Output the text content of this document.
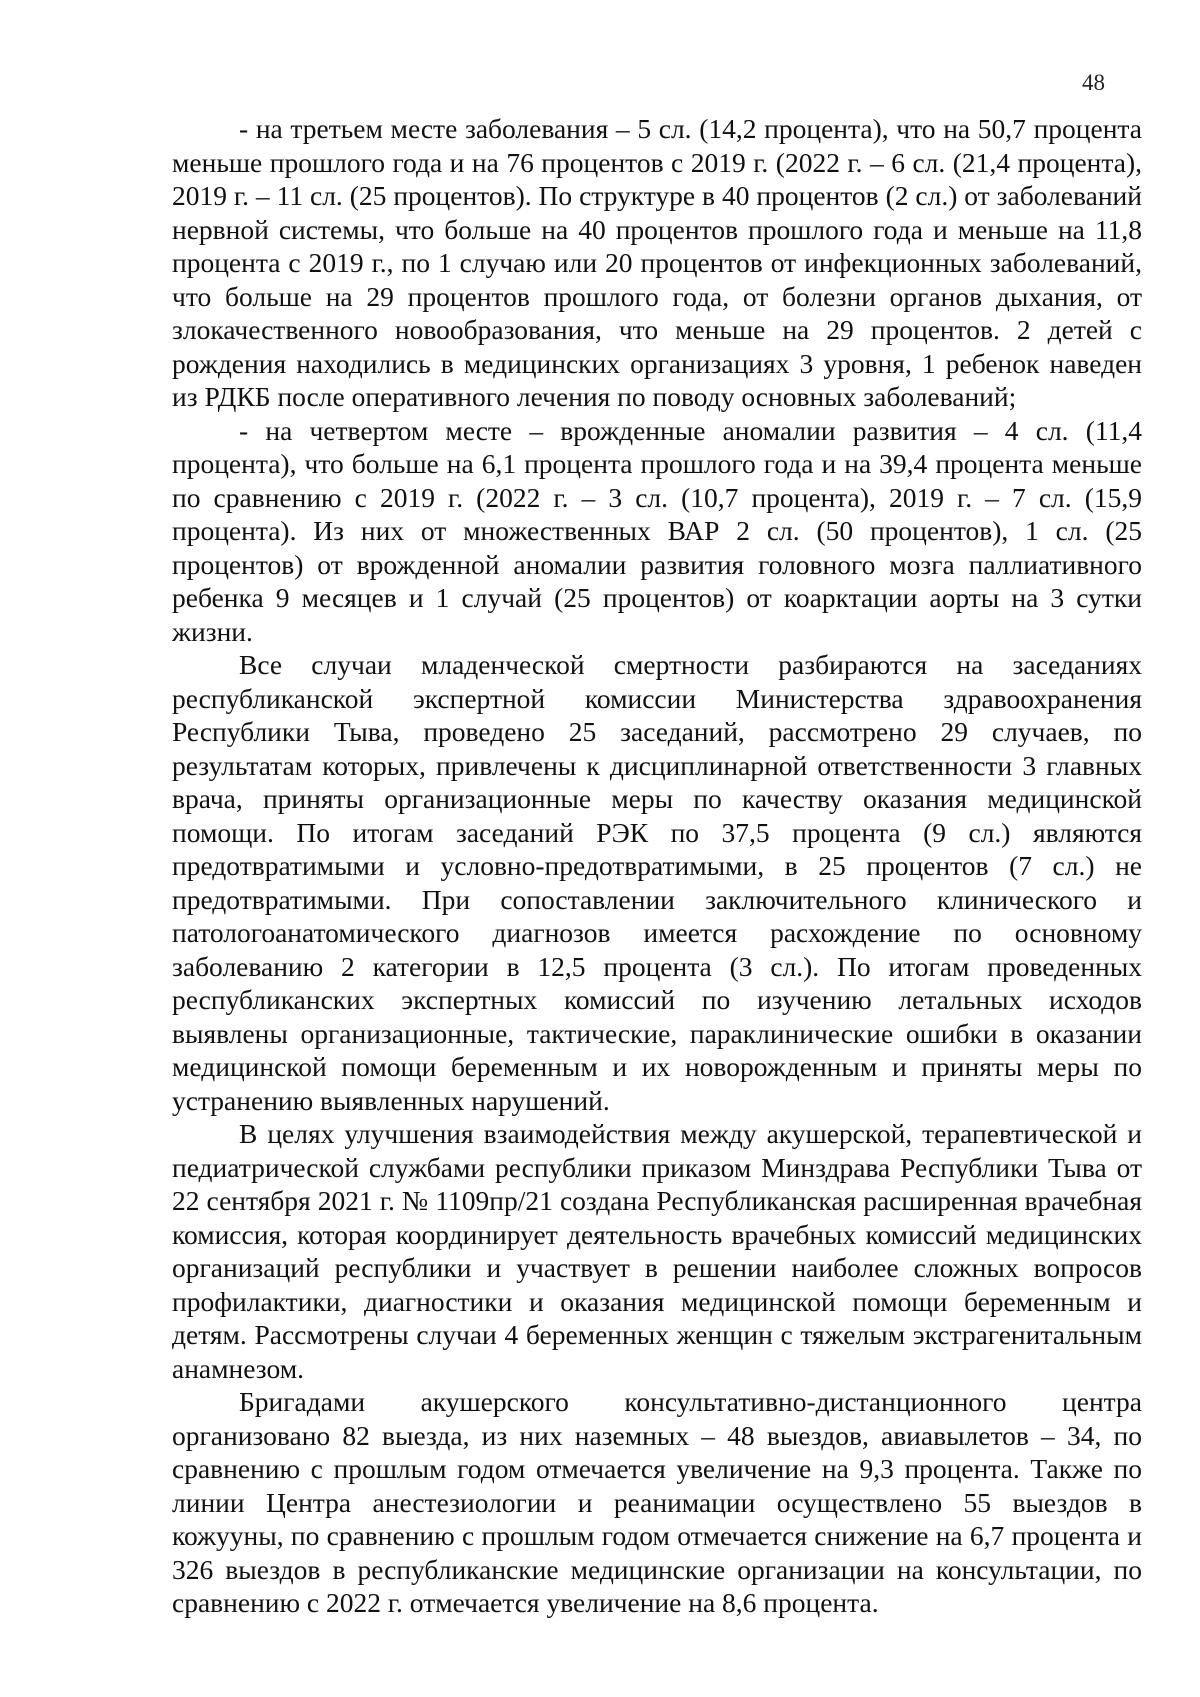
48

- на третьем месте заболевания – 5 сл. (14,2 процента), что на 50,7 процента меньше прошлого года и на 76 процентов с 2019 г. (2022 г. – 6 сл. (21,4 процента), 2019 г. – 11 сл. (25 процентов). По структуре в 40 процентов (2 сл.) от заболеваний нервной системы, что больше на 40 процентов прошлого года и меньше на 11,8 процента с 2019 г., по 1 случаю или 20 процентов от инфекционных заболеваний, что больше на 29 процентов прошлого года, от болезни органов дыхания, от злокачественного новообразования, что меньше на 29 процентов. 2 детей с рождения находились в медицинских организациях 3 уровня, 1 ребенок наведен из РДКБ после оперативного лечения по поводу основных заболеваний;

- на четвертом месте – врожденные аномалии развития – 4 сл. (11,4 процента), что больше на 6,1 процента прошлого года и на 39,4 процента меньше по сравнению с 2019 г. (2022 г. – 3 сл. (10,7 процента), 2019 г. – 7 сл. (15,9 процента). Из них от множественных ВАР 2 сл. (50 процентов), 1 сл. (25 процентов) от врожденной аномалии развития головного мозга паллиативного ребенка 9 месяцев и 1 случай (25 процентов) от коарктации аорты на 3 сутки жизни.

Все случаи младенческой смертности разбираются на заседаниях республиканской экспертной комиссии Министерства здравоохранения Республики Тыва, проведено 25 заседаний, рассмотрено 29 случаев, по результатам которых, привлечены к дисциплинарной ответственности 3 главных врача, приняты организационные меры по качеству оказания медицинской помощи. По итогам заседаний РЭК по 37,5 процента (9 сл.) являются предотвратимыми и условно-предотвратимыми, в 25 процентов (7 сл.) не предотвратимыми. При сопоставлении заключительного клинического и патологоанатомического диагнозов имеется расхождение по основному заболеванию 2 категории в 12,5 процента (3 сл.). По итогам проведенных республиканских экспертных комиссий по изучению летальных исходов выявлены организационные, тактические, параклинические ошибки в оказании медицинской помощи беременным и их новорожденным и приняты меры по устранению выявленных нарушений.

В целях улучшения взаимодействия между акушерской, терапевтической и педиатрической службами республики приказом Минздрава Республики Тыва от 22 сентября 2021 г. № 1109пр/21 создана Республиканская расширенная врачебная комиссия, которая координирует деятельность врачебных комиссий медицинских организаций республики и участвует в решении наиболее сложных вопросов профилактики, диагностики и оказания медицинской помощи беременным и детям. Рассмотрены случаи 4 беременных женщин с тяжелым экстрагенитальным анамнезом.

Бригадами акушерского консультативно-дистанционного центра организовано 82 выезда, из них наземных – 48 выездов, авиавылетов – 34, по сравнению с прошлым годом отмечается увеличение на 9,3 процента. Также по линии Центра анестезиологии и реанимации осуществлено 55 выездов в кожууны, по сравнению с прошлым годом отмечается снижение на 6,7 процента и 326 выездов в республиканские медицинские организации на консультации, по сравнению с 2022 г. отмечается увеличение на 8,6 процента.
